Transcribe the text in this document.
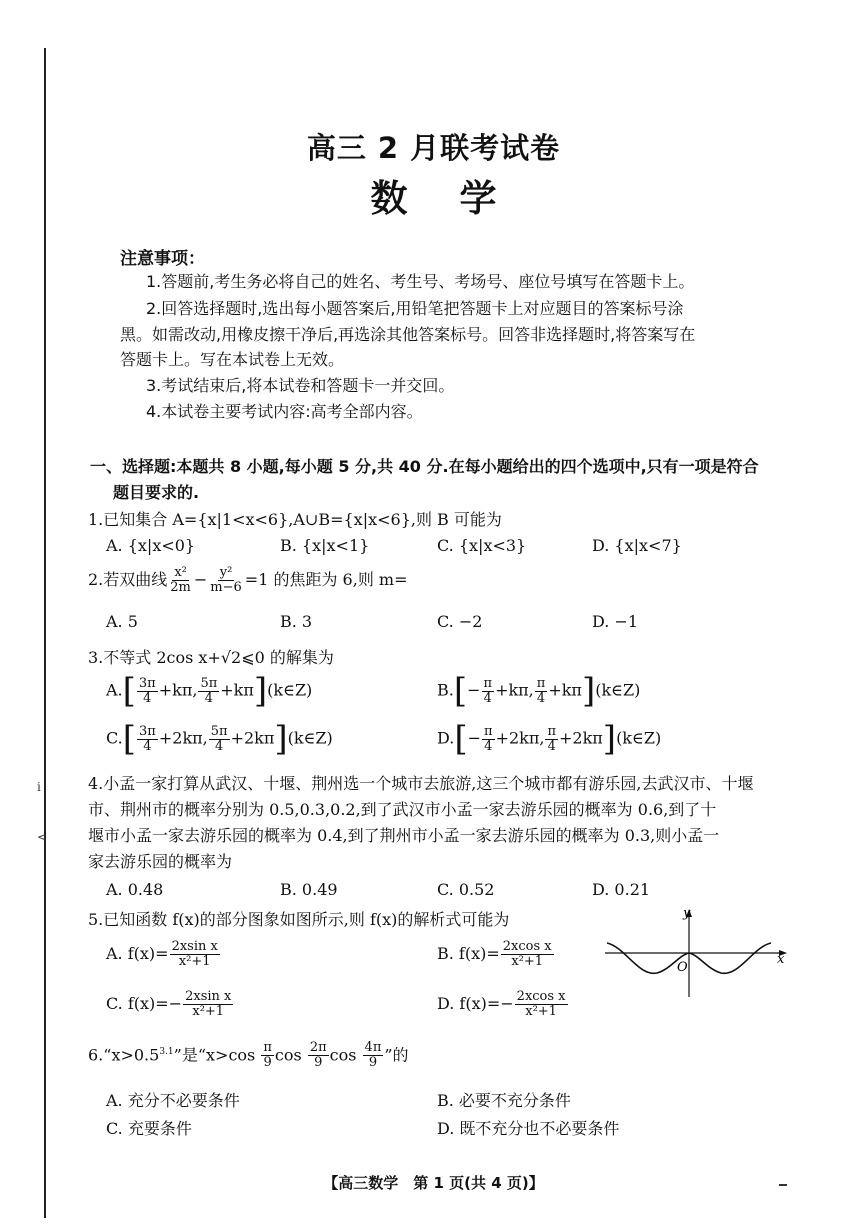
i
<
高三 2 月联考试卷
数学
注意事项：
1.答题前,考生务必将自己的姓名、考生号、考场号、座位号填写在答题卡上。
2.回答选择题时,选出每小题答案后,用铅笔把答题卡上对应题目的答案标号涂
黑。如需改动,用橡皮擦干净后,再选涂其他答案标号。回答非选择题时,将答案写在
答题卡上。写在本试卷上无效。
3.考试结束后,将本试卷和答题卡一并交回。
4.本试卷主要考试内容:高考全部内容。
一、选择题:本题共 8 小题,每小题 5 分,共 40 分.在每小题给出的四个选项中,只有一项是符合
题目要求的.
1.已知集合 A={x|1<x<6},A∪B={x|x<6},则 B 可能为
A. {x|x<0}	B. {x|x<1}	C. {x|x<3}	D. {x|x<7}
2.若双曲线 $\frac{\text{x²}}{2m} - \frac{\text{y²}}{m-6} =1$ 的焦距为 6,则 m=
A. 5	B. 3	C. −2	D. −1
3.不等式 2cos x+√2⩽0 的解集为
$A.[ \frac{3\pi}{4} +k\pi$, $\frac{5\pi}{4}$ +kπ](k∈Z)	$B.[- \frac{\pi}{4} +k\pi$, $\frac{\pi}{4}$ +kπ](k∈Z)
$C.[ \frac{3\pi}{4} +2k\pi$, $\frac{5\pi}{4}$ +2kπ](k∈Z)	$D.[- \frac{\pi}{4} +2k\pi$, $\frac{\pi}{4}$ +2kπ](k∈Z)
4.小孟一家打算从武汉、十堰、荆州选一个城市去旅游,这三个城市都有游乐园,去武汉市、十堰
市、荆州市的概率分别为 0.5,0.3,0.2,到了武汉市小孟一家去游乐园的概率为 0.6,到了十
堰市小孟一家去游乐园的概率为 0.4,到了荆州市小孟一家去游乐园的概率为 0.3,则小孟一
家去游乐园的概率为
A. 0.48	B. 0.49	C. 0.52	D. 0.21
5.已知函数 f(x)的部分图象如图所示,则 f(x)的解析式可能为
A. $f(x)= \frac{\text{2xsin x}}{\text{x²+1}}$	B. $f(x)= \frac{\text{2xcos x}}{\text{x²+1}}$
C. $f(x)=- \frac{\text{2xsin x}}{\text{x²+1}}$	D. $f(x)=- \frac{\text{2xcos x}}{\text{x²+1}}$
y
x
O
$6.“x>0.5^{3.1}$”是“$x>\cos \frac{\pi}{9}$ $\cos \frac{2\pi}{9}$ $\cos \frac{4\pi}{9}$ ”的
A. 充分不必要条件	B. 必要不充分条件
C. 充要条件	D. 既不充分也不必要条件
【高三数学　第 1 页(共 4 页)】
